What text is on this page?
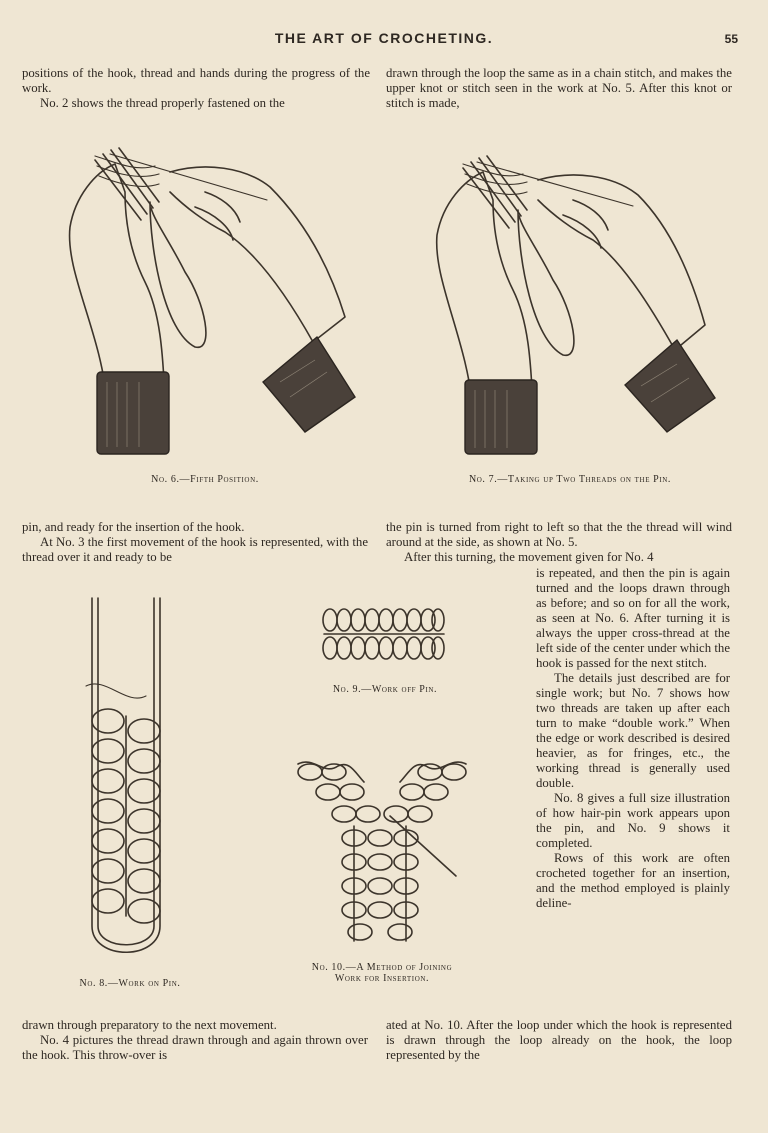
THE ART OF CROCHETING.	55

positions of the hook, thread and hands during the progress of the work.

No. 2 shows the thread properly fastened on the

drawn through the loop the same as in a chain stitch, and makes the upper knot or stitch seen in the work at No. 5. After this knot or stitch is made,

No. 6.—Fifth Position.	No. 7.—Taking up Two Threads on the Pin.

pin, and ready for the insertion of the hook.

At No. 3 the first movement of the hook is represented, with the thread over it and ready to be

the pin is turned from right to left so that the the thread will wind around at the side, as shown at No. 5.

After this turning, the movement given for No. 4

No. 8.—Work on Pin.
No. 9.—Work off Pin.
No. 10.—A Method of Joining
Work for Insertion.

is repeated, and then the pin is again turned and the loops drawn through as before; and so on for all the work, as seen at No. 6. After turning it is always the upper cross-thread at the left side of the center under which the hook is passed for the next stitch.

The details just described are for single work; but No. 7 shows how two threads are taken up after each turn to make “double work.” When the edge or work described is desired heavier, as for fringes, etc., the working thread is generally used double.

No. 8 gives a full size illustration of how hair-pin work appears upon the pin, and No. 9 shows it completed.

Rows of this work are often crocheted together for an insertion, and the method employed is plainly deline-

drawn through preparatory to the next movement.

No. 4 pictures the thread drawn through and again thrown over the hook. This throw-over is

ated at No. 10. After the loop under which the hook is represented is drawn through the loop already on the hook, the loop represented by the
